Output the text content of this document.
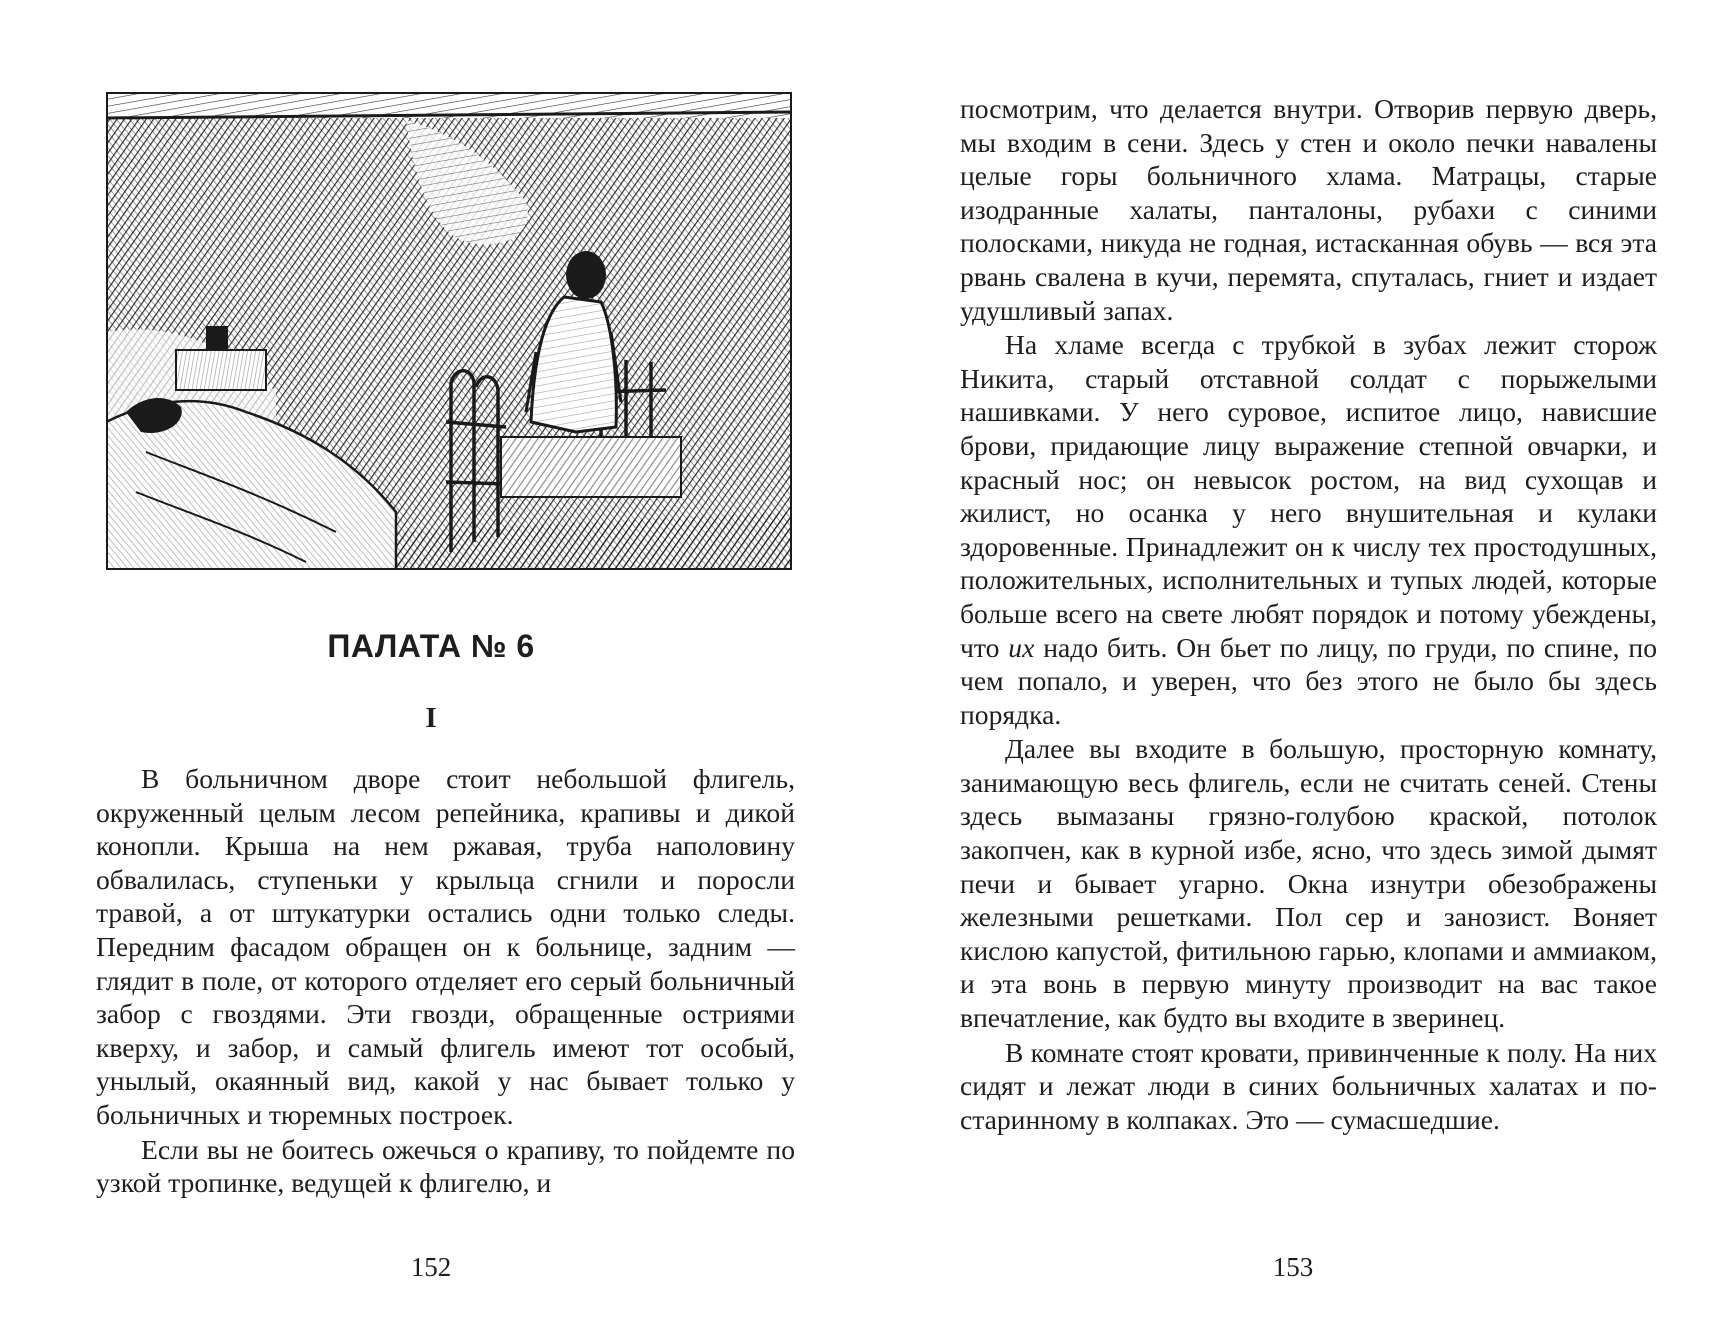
ПАЛАТА № 6
I

В больничном дворе стоит небольшой флигель, окруженный целым лесом репейника, крапивы и дикой конопли. Крыша на нем ржавая, труба наполовину обвалилась, ступеньки у крыльца сгнили и поросли травой, а от штукатурки остались одни только следы. Передним фасадом обращен он к больнице, задним — глядит в поле, от которого отделяет его серый больничный забор с гвоздями. Эти гвозди, обращенные остриями кверху, и забор, и самый флигель имеют тот особый, унылый, окаянный вид, какой у нас бывает только у больничных и тюремных построек.

Если вы не боитесь ожечься о крапиву, то пойдемте по узкой тропинке, ведущей к флигелю, и

152

посмотрим, что делается внутри. Отворив первую дверь, мы входим в сени. Здесь у стен и около печки навалены целые горы больничного хлама. Матрацы, старые изодранные халаты, панталоны, рубахи с синими полосками, никуда не годная, истасканная обувь — вся эта рвань свалена в кучи, перемята, спуталась, гниет и издает удушливый запах.

На хламе всегда с трубкой в зубах лежит сторож Никита, старый отставной солдат с порыжелыми нашивками. У него суровое, испитое лицо, нависшие брови, придающие лицу выражение степной овчарки, и красный нос; он невысок ростом, на вид сухощав и жилист, но осанка у него внушительная и кулаки здоровенные. Принадлежит он к числу тех простодушных, положительных, исполнительных и тупых людей, которые больше всего на свете любят порядок и потому убеждены, что их надо бить. Он бьет по лицу, по груди, по спине, по чем попало, и уверен, что без этого не было бы здесь порядка.

Далее вы входите в большую, просторную комнату, занимающую весь флигель, если не считать сеней. Стены здесь вымазаны грязно-голубою краской, потолок закопчен, как в курной избе, ясно, что здесь зимой дымят печи и бывает угарно. Окна изнутри обезображены железными решетками. Пол сер и занозист. Воняет кислою капустой, фитильною гарью, клопами и аммиаком, и эта вонь в первую минуту производит на вас такое впечатление, как будто вы входите в зверинец.

В комнате стоят кровати, привинченные к полу. На них сидят и лежат люди в синих больничных халатах и по-старинному в колпаках. Это — сумасшедшие.

153
